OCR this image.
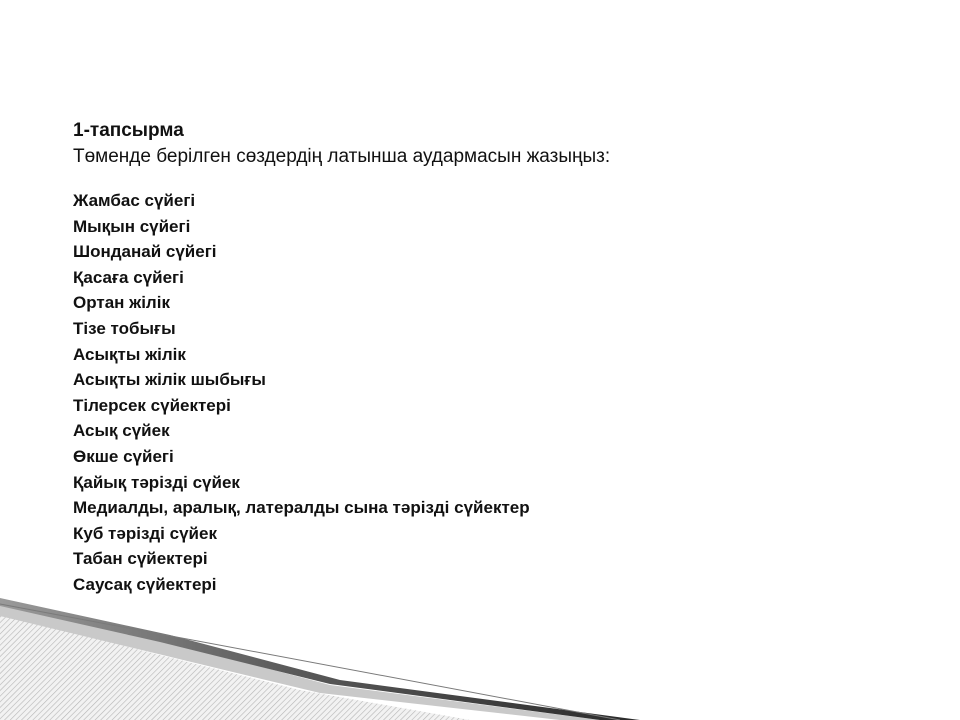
1-тапсырма

Төменде берілген сөздердің латынша аудармасын жазыңыз:

Жамбас сүйегі
Мықын сүйегі
Шонданай сүйегі
Қасаға сүйегі
Ортан жілік
Тізе тобығы
Асықты жілік
Асықты жілік шыбығы
Тілерсек сүйектері
Асық сүйек
Өкше сүйегі
Қайық тәрізді сүйек
Медиалды, аралық, латералды сына тәрізді сүйектер
Куб тәрізді сүйек
Табан сүйектері
Саусақ сүйектері
